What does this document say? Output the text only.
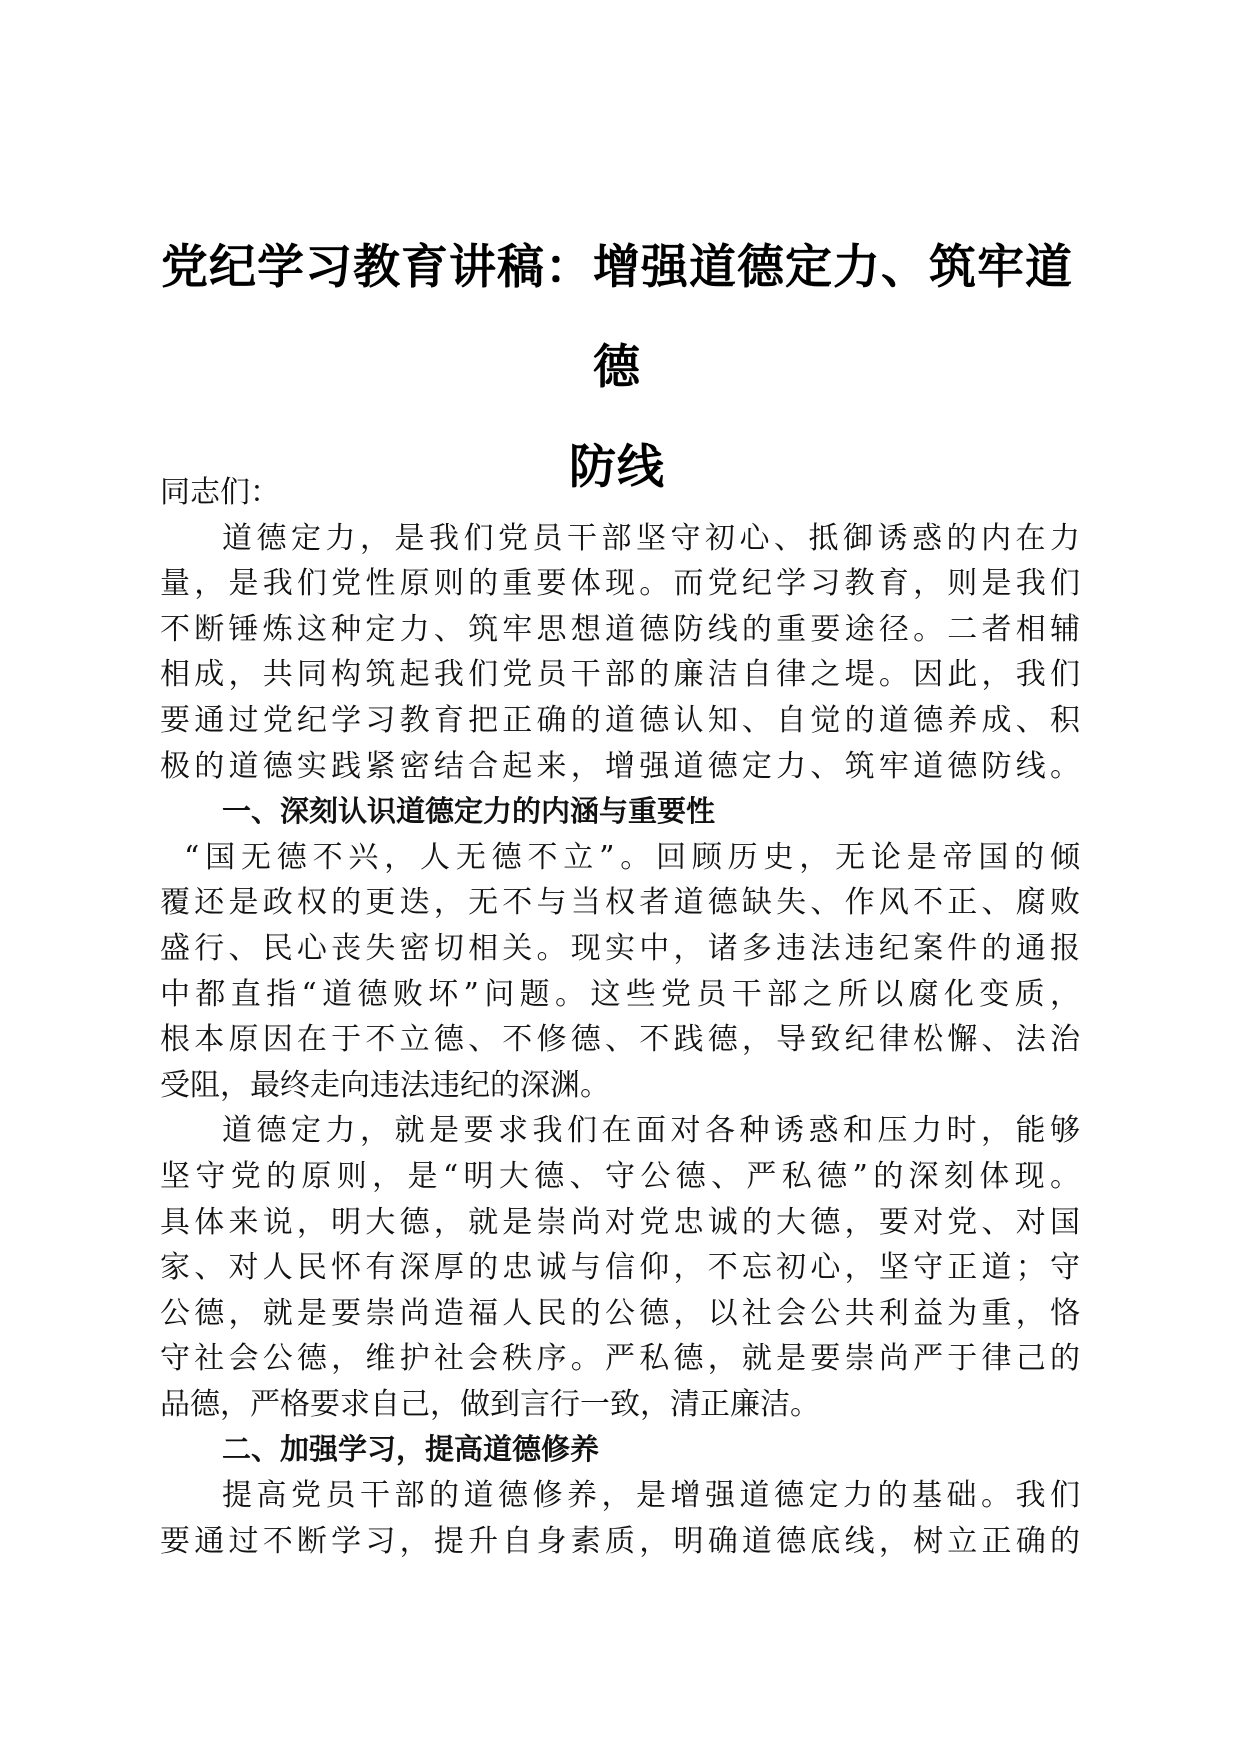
党纪学习教育讲稿：增强道德定力、筑牢道德
防线
同志们：
道德定力，是我们党员干部坚守初心、抵御诱惑的内在力
量，是我们党性原则的重要体现。而党纪学习教育，则是我们
不断锤炼这种定力、筑牢思想道德防线的重要途径。二者相辅
相成，共同构筑起我们党员干部的廉洁自律之堤。因此，我们
要通过党纪学习教育把正确的道德认知、自觉的道德养成、积
极的道德实践紧密结合起来，增强道德定力、筑牢道德防线。
一、深刻认识道德定力的内涵与重要性
“国无德不兴，人无德不立”。回顾历史，无论是帝国的倾
覆还是政权的更迭，无不与当权者道德缺失、作风不正、腐败
盛行、民心丧失密切相关。现实中，诸多违法违纪案件的通报
中都直指“道德败坏”问题。这些党员干部之所以腐化变质，
根本原因在于不立德、不修德、不践德，导致纪律松懈、法治
受阻，最终走向违法违纪的深渊。
道德定力，就是要求我们在面对各种诱惑和压力时，能够
坚守党的原则，是“明大德、守公德、严私德”的深刻体现。
具体来说，明大德，就是崇尚对党忠诚的大德，要对党、对国
家、对人民怀有深厚的忠诚与信仰，不忘初心，坚守正道；守
公德，就是要崇尚造福人民的公德，以社会公共利益为重，恪
守社会公德，维护社会秩序。严私德，就是要崇尚严于律己的
品德，严格要求自己，做到言行一致，清正廉洁。
二、加强学习，提高道德修养
提高党员干部的道德修养，是增强道德定力的基础。我们
要通过不断学习，提升自身素质，明确道德底线，树立正确的
